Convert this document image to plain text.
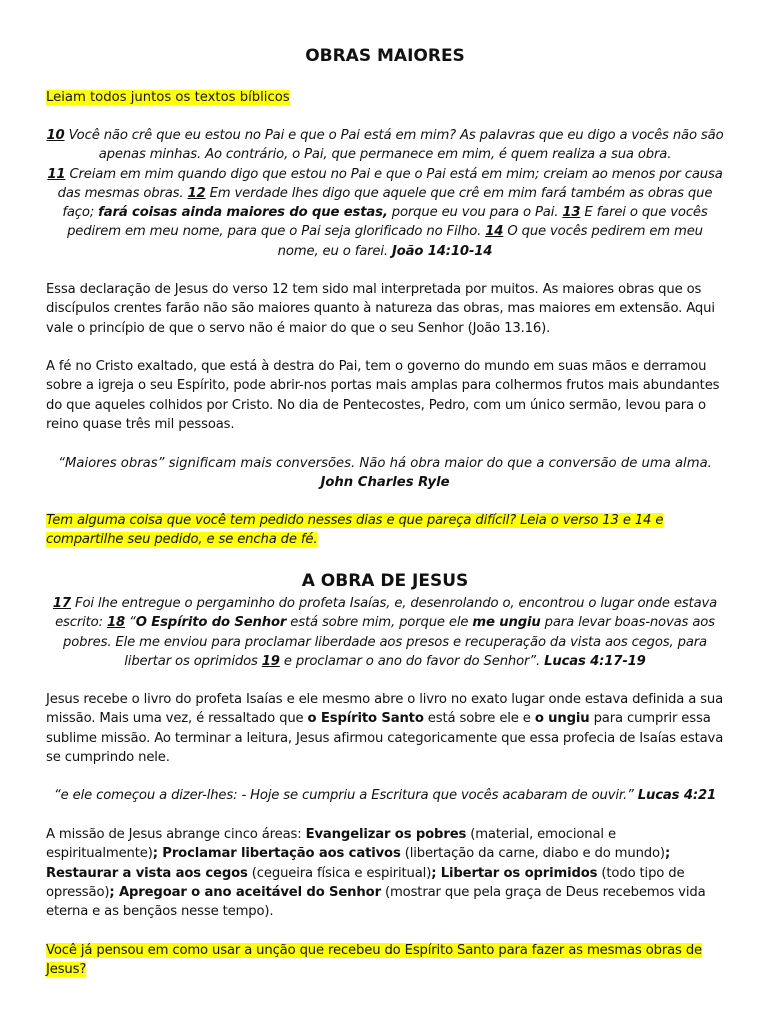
OBRAS MAIORES
Leiam todos juntos os textos bíblicos

10 Você não crê que eu estou no Pai e que o Pai está em mim? As palavras que eu digo a vocês não são apenas minhas. Ao contrário, o Pai, que permanece em mim, é quem realiza a sua obra.
11 Creiam em mim quando digo que estou no Pai e que o Pai está em mim; creiam ao menos por causa das mesmas obras. 12 Em verdade lhes digo que aquele que crê em mim fará também as obras que faço; fará coisas ainda maiores do que estas, porque eu vou para o Pai. 13 E farei o que vocês pedirem em meu nome, para que o Pai seja glorificado no Filho. 14 O que vocês pedirem em meu nome, eu o farei. João 14:10-14

Essa declaração de Jesus do verso 12 tem sido mal interpretada por muitos. As maiores obras que os discípulos crentes farão não são maiores quanto à natureza das obras, mas maiores em extensão. Aqui vale o princípio de que o servo não é maior do que o seu Senhor (João 13.16).

A fé no Cristo exaltado, que está à destra do Pai, tem o governo do mundo em suas mãos e derramou sobre a igreja o seu Espírito, pode abrir-nos portas mais amplas para colhermos frutos mais abundantes do que aqueles colhidos por Cristo. No dia de Pentecostes, Pedro, com um único sermão, levou para o reino quase três mil pessoas.

“Maiores obras” significam mais conversões. Não há obra maior do que a conversão de uma alma.
John Charles Ryle

Tem alguma coisa que você tem pedido nesses dias e que pareça difícil? Leia o verso 13 e 14 e compartilhe seu pedido, e se encha de fé.

A OBRA DE JESUS

17 Foi lhe entregue o pergaminho do profeta Isaías, e, desenrolando o, encontrou o lugar onde estava escrito: 18 “O Espírito do Senhor está sobre mim, porque ele me ungiu para levar boas-novas aos pobres. Ele me enviou para proclamar liberdade aos presos e recuperação da vista aos cegos, para libertar os oprimidos 19 e proclamar o ano do favor do Senhor”. Lucas 4:17-19

Jesus recebe o livro do profeta Isaías e ele mesmo abre o livro no exato lugar onde estava definida a sua missão. Mais uma vez, é ressaltado que o Espírito Santo está sobre ele e o ungiu para cumprir essa sublime missão. Ao terminar a leitura, Jesus afirmou categoricamente que essa profecia de Isaías estava se cumprindo nele.

“e ele começou a dizer-lhes: - Hoje se cumpriu a Escritura que vocês acabaram de ouvir.” Lucas 4:21

A missão de Jesus abrange cinco áreas: Evangelizar os pobres (material, emocional e espiritualmente); Proclamar libertação aos cativos (libertação da carne, diabo e do mundo); Restaurar a vista aos cegos (cegueira física e espiritual); Libertar os oprimidos (todo tipo de opressão); Apregoar o ano aceitável do Senhor (mostrar que pela graça de Deus recebemos vida eterna e as bençãos nesse tempo).

Você já pensou em como usar a unção que recebeu do Espírito Santo para fazer as mesmas obras de Jesus?
